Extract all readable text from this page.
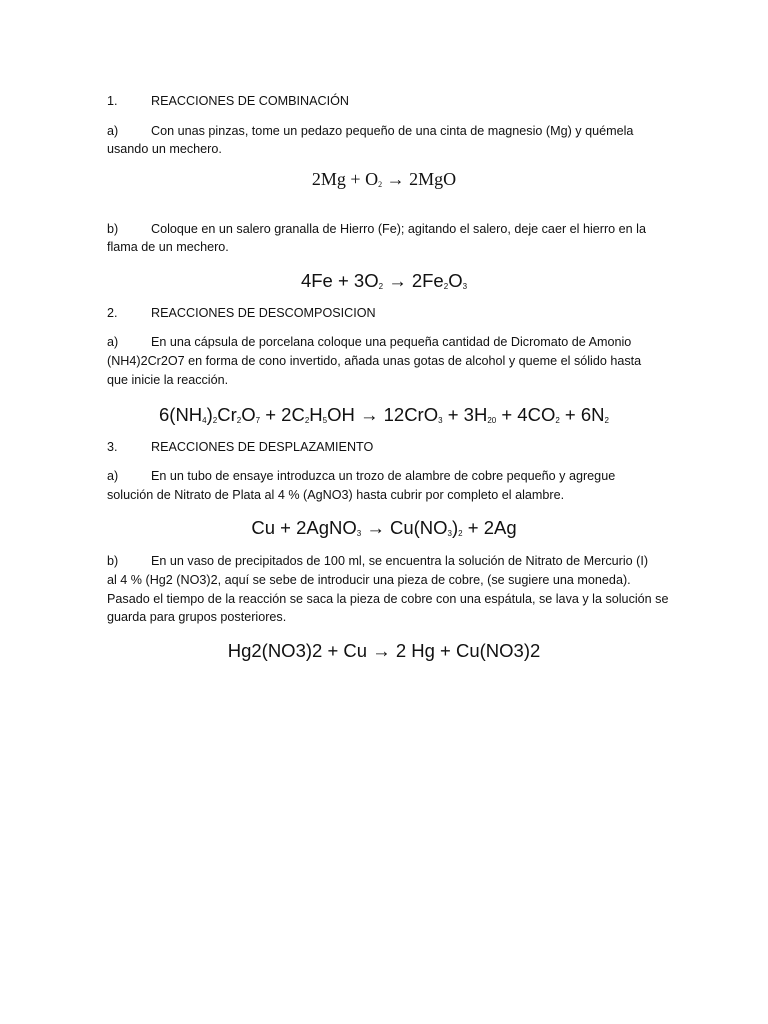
1.	REACCIONES DE COMBINACIÓN
a)	Con unas pinzas, tome un pedazo pequeño de una cinta de magnesio (Mg) y quémela
usando un mechero.
$2Mg + O_2 \to 2MgO$
b)	Coloque en un salero granalla de Hierro (Fe); agitando el salero, deje caer el hierro en la
flama de un mechero.
$4Fe + 3O_2 \to 2Fe_2O_3$
2.	REACCIONES DE DESCOMPOSICION
a)	En una cápsula de porcelana coloque una pequeña cantidad de Dicromato de Amonio
(NH4)2Cr2O7 en forma de cono invertido, añada unas gotas de alcohol y queme el sólido hasta
que inicie la reacción.
$6(NH_4)_2Cr_2O_7 + 2C_2H_5OH \to 12CrO_3 + 3H_{20} + 4CO_2 + 6N_2$
3.	REACCIONES DE DESPLAZAMIENTO
a)	En un tubo de ensaye introduzca un trozo de alambre de cobre pequeño y agregue
solución de Nitrato de Plata al 4 % (AgNO3) hasta cubrir por completo el alambre.
Cu + 2AgNO$_3$ → $Cu(NO_3)_2 + 2Ag$
b)	En un vaso de precipitados de 100 ml, se encuentra la solución de Nitrato de Mercurio (I)
al 4 % (Hg2 (NO3)2, aquí se sebe de introducir una pieza de cobre, (se sugiere una moneda).
Pasado el tiempo de la reacción se saca la pieza de cobre con una espátula, se lava y la solución se
guarda para grupos posteriores.
Hg2(NO3)2 + Cu → 2 Hg + Cu(NO3)2
